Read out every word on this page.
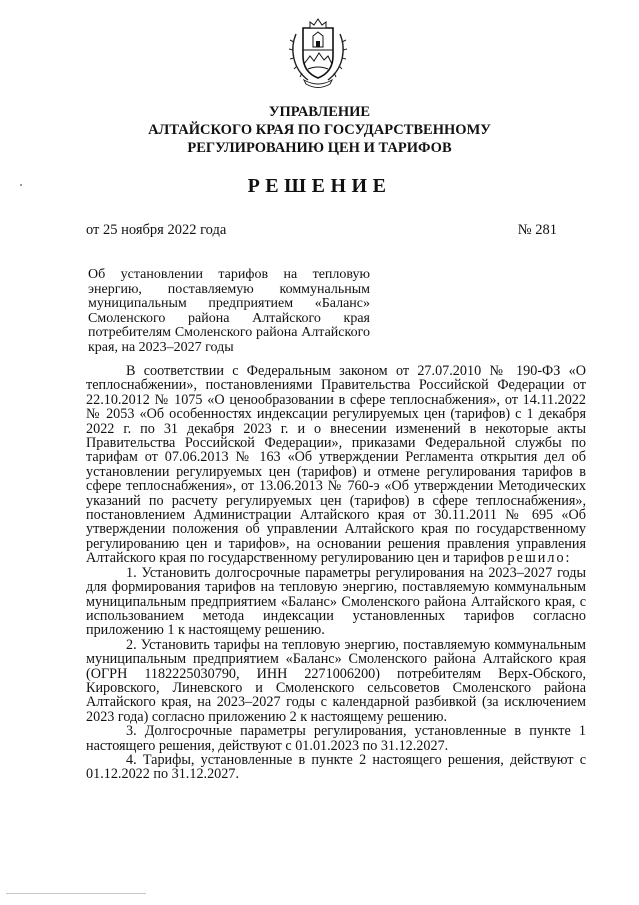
УПРАВЛЕНИЕ
АЛТАЙСКОГО КРАЯ ПО ГОСУДАРСТВЕННОМУ
РЕГУЛИРОВАНИЮ ЦЕН И ТАРИФОВ
РЕШЕНИЕ
от 25 ноября 2022 года	№ 281
Об установлении тарифов на тепловую энергию, поставляемую коммунальным муниципальным предприятием «Баланс» Смоленского района Алтайского края потребителям Смоленского района Алтайского края, на 2023–2027 годы

В соответствии с Федеральным законом от 27.07.2010 № 190-ФЗ «О теплоснабжении», постановлениями Правительства Российской Федерации от 22.10.2012 № 1075 «О ценообразовании в сфере теплоснабжения», от 14.11.2022 № 2053 «Об особенностях индексации регулируемых цен (тарифов) с 1 декабря 2022 г. по 31 декабря 2023 г. и о внесении изменений в некоторые акты Правительства Российской Федерации», приказами Федеральной службы по тарифам от 07.06.2013 № 163 «Об утверждении Регламента открытия дел об установлении регулируемых цен (тарифов) и отмене регулирования тарифов в сфере теплоснабжения», от 13.06.2013 № 760-э «Об утверждении Методических указаний по расчету регулируемых цен (тарифов) в сфере теплоснабжения», постановлением Администрации Алтайского края от 30.11.2011 № 695 «Об утверждении положения об управлении Алтайского края по государственному регулированию цен и тарифов», на основании решения правления управления Алтайского края по государственному регулированию цен и тарифов решило:

1. Установить долгосрочные параметры регулирования на 2023–2027 годы для формирования тарифов на тепловую энергию, поставляемую коммунальным муниципальным предприятием «Баланс» Смоленского района Алтайского края, с использованием метода индексации установленных тарифов согласно приложению 1 к настоящему решению.

2. Установить тарифы на тепловую энергию, поставляемую коммунальным муниципальным предприятием «Баланс» Смоленского района Алтайского края (ОГРН 1182225030790, ИНН 2271006200) потребителям Верх-Обского, Кировского, Линевского и Смоленского сельсоветов Смоленского района Алтайского края, на 2023–2027 годы с календарной разбивкой (за исключением 2023 года) согласно приложению 2 к настоящему решению.

3. Долгосрочные параметры регулирования, установленные в пункте 1 настоящего решения, действуют с 01.01.2023 по 31.12.2027.

4. Тарифы, установленные в пункте 2 настоящего решения, действуют с 01.12.2022 по 31.12.2027.
